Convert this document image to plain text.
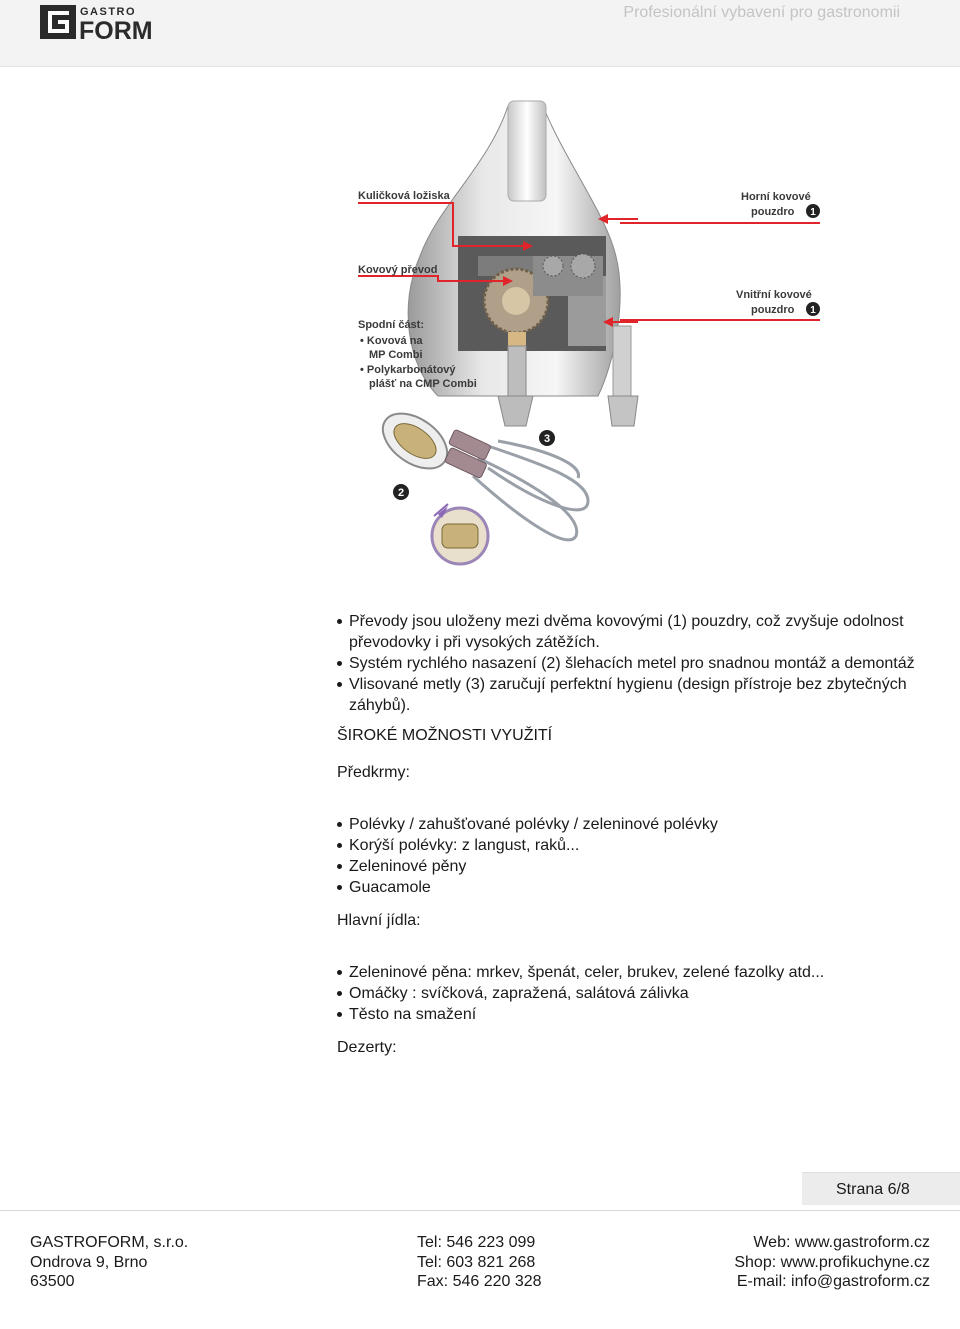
GASTRO
FORM
Profesionální vybavení pro gastronomii
Kuličková ložiska
Kovový převod
Spodní část:
• Kovová na
MP Combi
• Polykarbonátový
plášť na CMP Combi
2
3
Horní kovové
pouzdro 1
Vnitřní kovové
pouzdro 1
Převody jsou uloženy mezi dvěma kovovými (1) pouzdry, což zvyšuje odolnost převodovky i při vysokých zátěžích.
Systém rychlého nasazení (2) šlehacích metel pro snadnou montáž a demontáž
Vlisované metly (3) zaručují perfektní hygienu (design přístroje bez zbytečných záhybů).
ŠIROKÉ MOŽNOSTI VYUŽITÍ
Předkrmy:
Polévky / zahušťované polévky / zeleninové polévky
Korýší polévky: z langust, raků...
Zeleninové pěny
Guacamole
Hlavní jídla:
Zeleninové pěna: mrkev, špenát, celer, brukev, zelené fazolky atd...
Omáčky : svíčková, zapražená, salátová zálivka
Těsto na smažení
Dezerty:
Strana 6/8
GASTROFORM, s.r.o.
Ondrova 9, Brno
63500
Tel: 546 223 099
Tel: 603 821 268
Fax: 546 220 328
Web: www.gastroform.cz
Shop: www.profikuchyne.cz
E-mail: info@gastroform.cz
